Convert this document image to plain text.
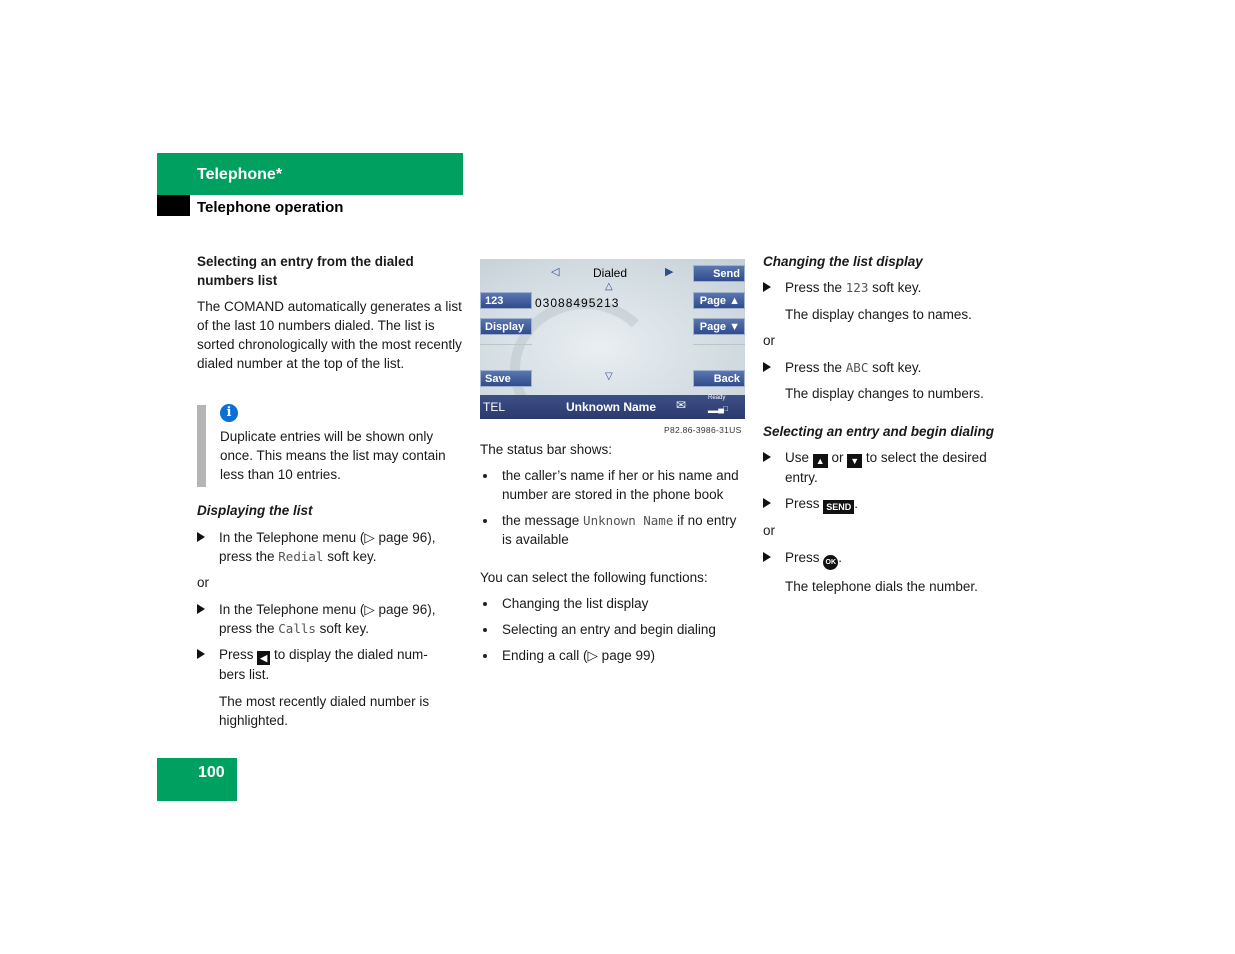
Telephone*
Telephone operation

Selecting an entry from the dialed numbers list

The COMAND automatically generates a list of the last 10 numbers dialed. The list is sorted chronologically with the most recently dialed number at the top of the list.

i
Duplicate entries will be shown only once. This means the list may contain less than 10 entries.

Displaying the list

In the Telephone menu (▷ page 96),
press the Redial soft key.

or

In the Telephone menu (▷ page 96),
press the Calls soft key.

Press ◀ to display the dialed num-
bers list.

The most recently dialed number is highlighted.

◁	Dialed	▶
△
03088495213
▽
Send
123	Page ▲
Display	Page ▼
Save	Back
TEL	Unknown Name ✉	Ready
▂▂▄□
P82.86-3986-31US

The status bar shows:

the caller’s name if her or his name and number are stored in the phone book

the message Unknown Name if no entry is available

You can select the following functions:

Changing the list display

Selecting an entry and begin dialing

Ending a call (▷ page 99)

Changing the list display

Press the 123 soft key.

The display changes to names.

or

Press the ABC soft key.

The display changes to numbers.

Selecting an entry and begin dialing

Use ▲ or ▼ to select the desired
entry.

Press SEND .

or

Press OK .

The telephone dials the number.

100
